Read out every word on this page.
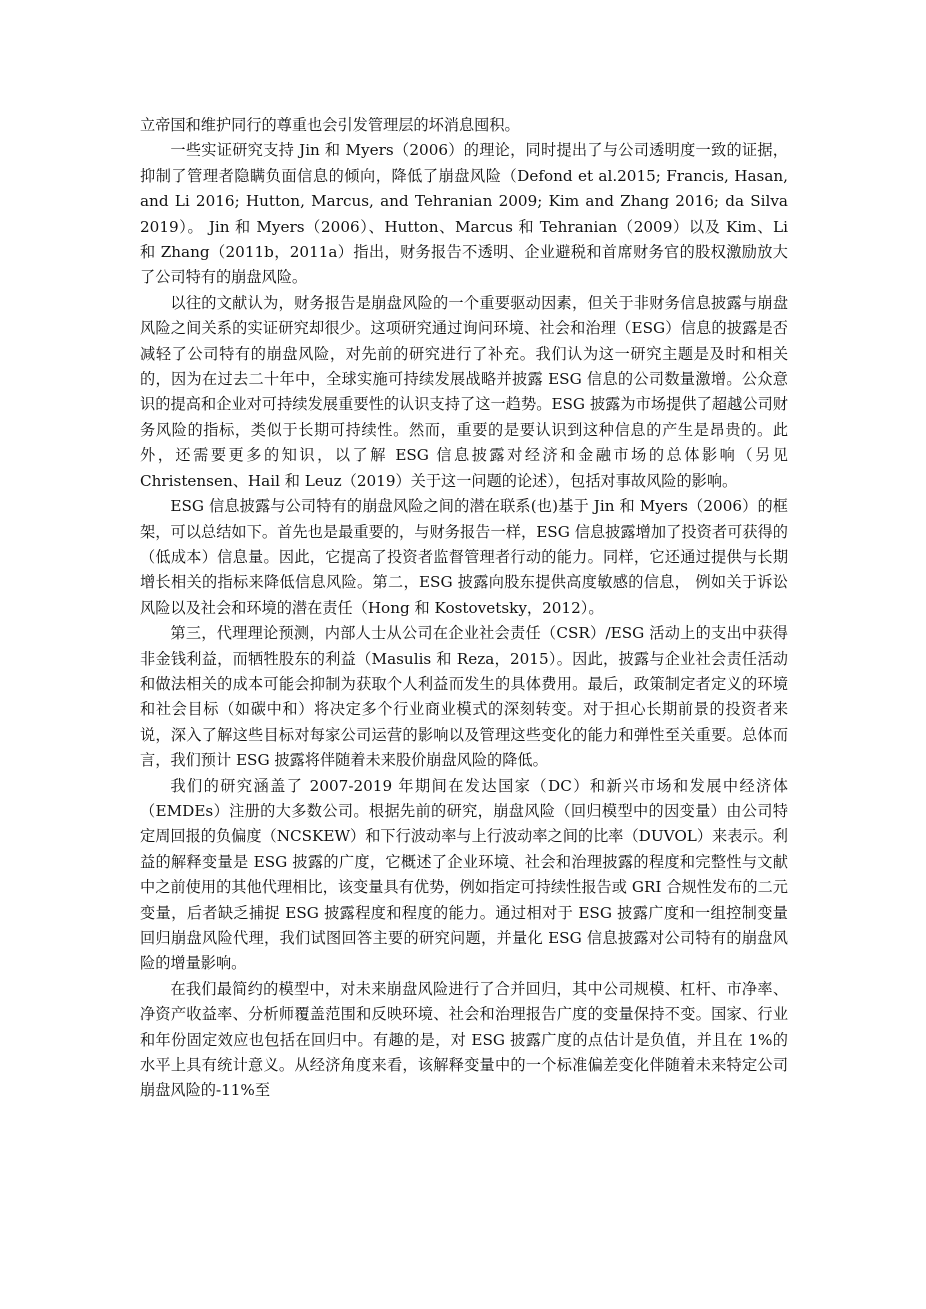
立帝国和维护同行的尊重也会引发管理层的坏消息囤积。

一些实证研究支持 Jin 和 Myers（2006）的理论，同时提出了与公司透明度一致的证据，抑制了管理者隐瞒负面信息的倾向，降低了崩盘风险（Defond et al.2015; Francis, Hasan, and Li 2016; Hutton, Marcus, and Tehranian 2009; Kim and Zhang 2016; da Silva 2019）。 Jin 和 Myers（2006）、Hutton、Marcus 和 Tehranian（2009）以及 Kim、Li 和 Zhang（2011b，2011a）指出，财务报告不透明、企业避税和首席财务官的股权激励放大了公司特有的崩盘风险。

以往的文献认为，财务报告是崩盘风险的一个重要驱动因素，但关于非财务信息披露与崩盘风险之间关系的实证研究却很少。这项研究通过询问环境、社会和治理（ESG）信息的披露是否减轻了公司特有的崩盘风险，对先前的研究进行了补充。我们认为这一研究主题是及时和相关的，因为在过去二十年中，全球实施可持续发展战略并披露 ESG 信息的公司数量激增。公众意识的提高和企业对可持续发展重要性的认识支持了这一趋势。ESG 披露为市场提供了超越公司财务风险的指标，类似于长期可持续性。然而，重要的是要认识到这种信息的产生是昂贵的。此外，还需要更多的知识，以了解 ESG 信息披露对经济和金融市场的总体影响（另见 Christensen、Hail 和 Leuz（2019）关于这一问题的论述），包括对事故风险的影响。

ESG 信息披露与公司特有的崩盘风险之间的潜在联系(也)基于 Jin 和 Myers（2006）的框架，可以总结如下。首先也是最重要的，与财务报告一样，ESG 信息披露增加了投资者可获得的（低成本）信息量。因此，它提高了投资者监督管理者行动的能力。同样，它还通过提供与长期增长相关的指标来降低信息风险。第二，ESG 披露向股东提供高度敏感的信息， 例如关于诉讼风险以及社会和环境的潜在责任（Hong 和 Kostovetsky，2012）。

第三，代理理论预测，内部人士从公司在企业社会责任（CSR）/ESG 活动上的支出中获得非金钱利益，而牺牲股东的利益（Masulis 和 Reza，2015）。因此，披露与企业社会责任活动和做法相关的成本可能会抑制为获取个人利益而发生的具体费用。最后，政策制定者定义的环境和社会目标（如碳中和）将决定多个行业商业模式的深刻转变。对于担心长期前景的投资者来说，深入了解这些目标对每家公司运营的影响以及管理这些变化的能力和弹性至关重要。总体而言，我们预计 ESG 披露将伴随着未来股价崩盘风险的降低。

我们的研究涵盖了 2007-2019 年期间在发达国家（DC）和新兴市场和发展中经济体（EMDEs）注册的大多数公司。根据先前的研究，崩盘风险（回归模型中的因变量）由公司特定周回报的负偏度（NCSKEW）和下行波动率与上行波动率之间的比率（DUVOL）来表示。利益的解释变量是 ESG 披露的广度，它概述了企业环境、社会和治理披露的程度和完整性与文献中之前使用的其他代理相比，该变量具有优势，例如指定可持续性报告或 GRI 合规性发布的二元变量，后者缺乏捕捉 ESG 披露程度和程度的能力。通过相对于 ESG 披露广度和一组控制变量回归崩盘风险代理，我们试图回答主要的研究问题，并量化 ESG 信息披露对公司特有的崩盘风险的增量影响。

在我们最简约的模型中，对未来崩盘风险进行了合并回归，其中公司规模、杠杆、市净率、净资产收益率、分析师覆盖范围和反映环境、社会和治理报告广度的变量保持不变。国家、行业和年份固定效应也包括在回归中。有趣的是，对 ESG 披露广度的点估计是负值，并且在 1%的水平上具有统计意义。从经济角度来看，该解释变量中的一个标准偏差变化伴随着未来特定公司崩盘风险的-11%至
